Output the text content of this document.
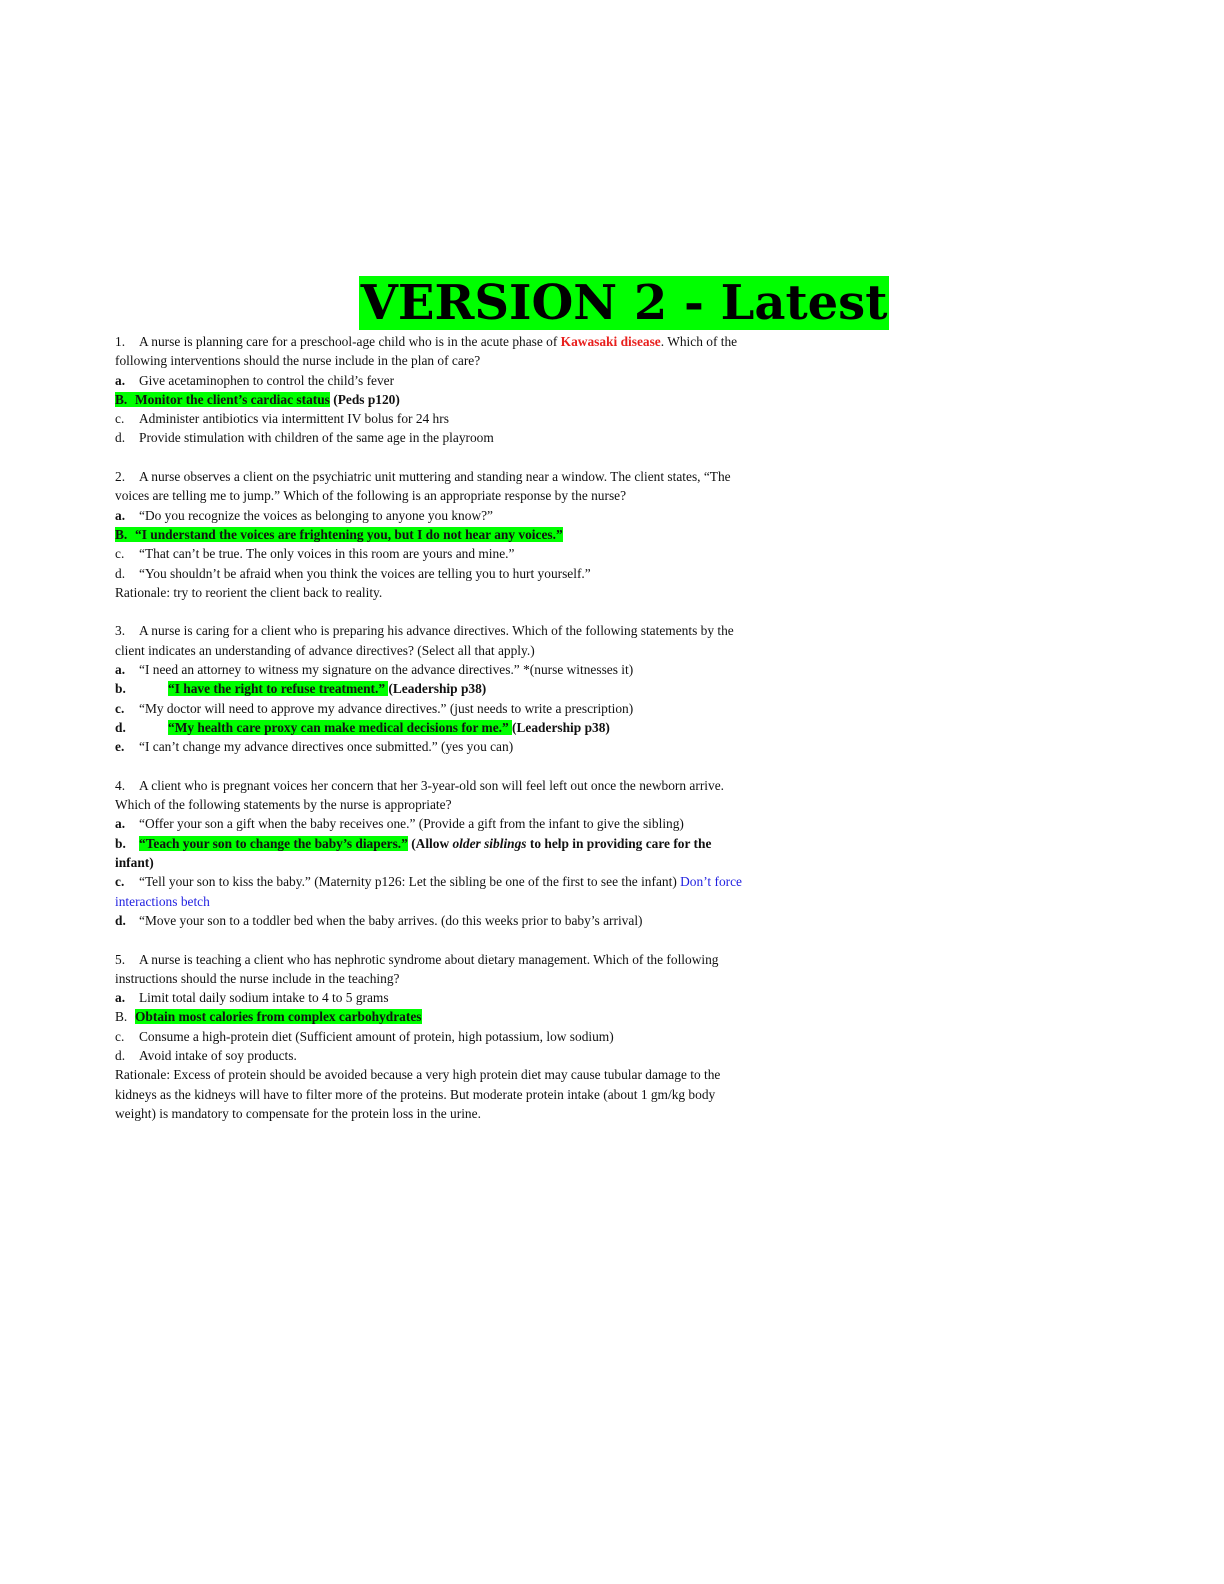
VERSION 2 - Latest
1. A nurse is planning care for a preschool-age child who is in the acute phase of Kawasaki disease. Which of the
following interventions should the nurse include in the plan of care?
a. Give acetaminophen to control the child’s fever
B. Monitor the client’s cardiac status (Peds p120)
c. Administer antibiotics via intermittent IV bolus for 24 hrs
d. Provide stimulation with children of the same age in the playroom
2. A nurse observes a client on the psychiatric unit muttering and standing near a window. The client states, “The
voices are telling me to jump.” Which of the following is an appropriate response by the nurse?
a. “Do you recognize the voices as belonging to anyone you know?”
B. “I understand the voices are frightening you, but I do not hear any voices.”
c. “That can’t be true. The only voices in this room are yours and mine.”
d. “You shouldn’t be afraid when you think the voices are telling you to hurt yourself.”
Rationale: try to reorient the client back to reality.
3. A nurse is caring for a client who is preparing his advance directives. Which of the following statements by the
client indicates an understanding of advance directives? (Select all that apply.)
a. “I need an attorney to witness my signature on the advance directives.” *(nurse witnesses it)
b.	“I have the right to refuse treatment.” (Leadership p38)
c. “My doctor will need to approve my advance directives.” (just needs to write a prescription)
d.	“My health care proxy can make medical decisions for me.” (Leadership p38)
e. “I can’t change my advance directives once submitted.” (yes you can)
4. A client who is pregnant voices her concern that her 3-year-old son will feel left out once the newborn arrive.
Which of the following statements by the nurse is appropriate?
a. “Offer your son a gift when the baby receives one.” (Provide a gift from the infant to give the sibling)
b. “Teach your son to change the baby’s diapers.” (Allow older siblings to help in providing care for the
infant)
c. “Tell your son to kiss the baby.” (Maternity p126: Let the sibling be one of the first to see the infant) Don’t force
interactions betch
d. “Move your son to a toddler bed when the baby arrives. (do this weeks prior to baby’s arrival)
5. A nurse is teaching a client who has nephrotic syndrome about dietary management. Which of the following
instructions should the nurse include in the teaching?
a. Limit total daily sodium intake to 4 to 5 grams
B. Obtain most calories from complex carbohydrates
c. Consume a high-protein diet (Sufficient amount of protein, high potassium, low sodium)
d. Avoid intake of soy products.
Rationale: Excess of protein should be avoided because a very high protein diet may cause tubular damage to the
kidneys as the kidneys will have to filter more of the proteins. But moderate protein intake (about 1 gm/kg body
weight) is mandatory to compensate for the protein loss in the urine.
